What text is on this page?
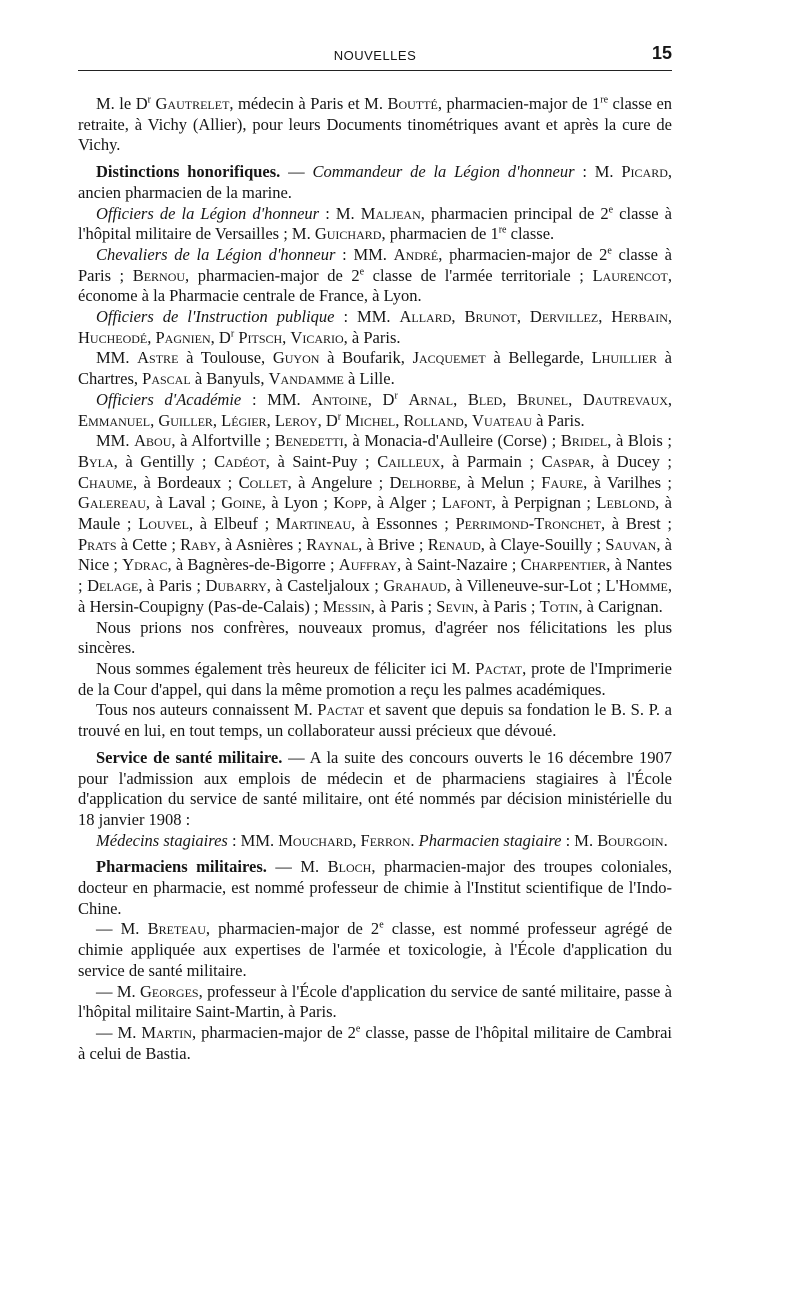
NOUVELLES	15

M. le $D^r$ Gautrelet, médecin à Paris et M. Boutté, pharmacien-major de 1re classe en retraite, à Vichy (Allier), pour leurs Documents tinométriques avant et après la cure de Vichy.

Distinctions honorifiques. — Commandeur de la Légion d'honneur : M. Picard, ancien pharmacien de la marine.

Officiers de la Légion d'honneur : M. Maljean, pharmacien principal de 2e classe à l'hôpital militaire de Versailles ; M. Guichard, pharmacien de 1re classe.

Chevaliers de la Légion d'honneur : MM. André, pharmacien-major de 2e classe à Paris ; Bernou, pharmacien-major de 2e classe de l'armée territoriale ; Laurencot, économe à la Pharmacie centrale de France, à Lyon.

Officiers de l'Instruction publique : MM. Allard, Brunot, Dervillez, Herbain, Hucheodé, Pagnien, $D^r$ Pitsch, Vicario, à Paris.

MM. Astre à Toulouse, Guyon à Boufarik, Jacquemet à Bellegarde, Lhuillier à Chartres, Pascal à Banyuls, Vandamme à Lille.

Officiers d'Académie : MM. Antoine, $D^r$ Arnal, Bled, Brunel, Dautrevaux, Emmanuel, Guiller, Légier, Leroy, $D^r$ Michel, Rolland, Vuateau à Paris.

MM. Abou, à Alfortville ; Benedetti, à Monacia-d'Aulleire (Corse) ; Bridel, à Blois ; Byla, à Gentilly ; Cadéot, à Saint-Puy ; Cailleux, à Parmain ; Caspar, à Ducey ; Chaume, à Bordeaux ; Collet, à Angelure ; Delhorbe, à Melun ; Faure, à Varilhes ; Galereau, à Laval ; Goine, à Lyon ; Kopp, à Alger ; Lafont, à Perpignan ; Leblond, à Maule ; Louvel, à Elbeuf ; Martineau, à Essonnes ; Perrimond-Tronchet, à Brest ; Prats à Cette ; Raby, à Asnières ; Raynal, à Brive ; Renaud, à Claye-Souilly ; Sauvan, à Nice ; Ydrac, à Bagnères-de-Bigorre ; Auffray, à Saint-Nazaire ; Charpentier, à Nantes ; Delage, à Paris ; Dubarry, à Casteljaloux ; Grahaud, à Villeneuve-sur-Lot ; L'Homme, à Hersin-Coupigny (Pas-de-Calais) ; Messin, à Paris ; Sevin, à Paris ; Totin, à Carignan.

Nous prions nos confrères, nouveaux promus, d'agréer nos félicitations les plus sincères.

Nous sommes également très heureux de féliciter ici M. Pactat, prote de l'Imprimerie de la Cour d'appel, qui dans la même promotion a reçu les palmes académiques.

Tous nos auteurs connaissent M. Pactat et savent que depuis sa fondation le B. S. P. a trouvé en lui, en tout temps, un collaborateur aussi précieux que dévoué.

Service de santé militaire. — A la suite des concours ouverts le 16 décembre 1907 pour l'admission aux emplois de médecin et de pharmaciens stagiaires à l'École d'application du service de santé militaire, ont été nommés par décision ministérielle du 18 janvier 1908 :

Médecins stagiaires : MM. Mouchard, Ferron. Pharmacien stagiaire : M. Bourgoin.

Pharmaciens militaires. — M. Bloch, pharmacien-major des troupes coloniales, docteur en pharmacie, est nommé professeur de chimie à l'Institut scientifique de l'Indo-Chine.

— M. Breteau, pharmacien-major de 2e classe, est nommé professeur agrégé de chimie appliquée aux expertises de l'armée et toxicologie, à l'École d'application du service de santé militaire.

— M. Georges, professeur à l'École d'application du service de santé militaire, passe à l'hôpital militaire Saint-Martin, à Paris.

— M. Martin, pharmacien-major de 2e classe, passe de l'hôpital militaire de Cambrai à celui de Bastia.
